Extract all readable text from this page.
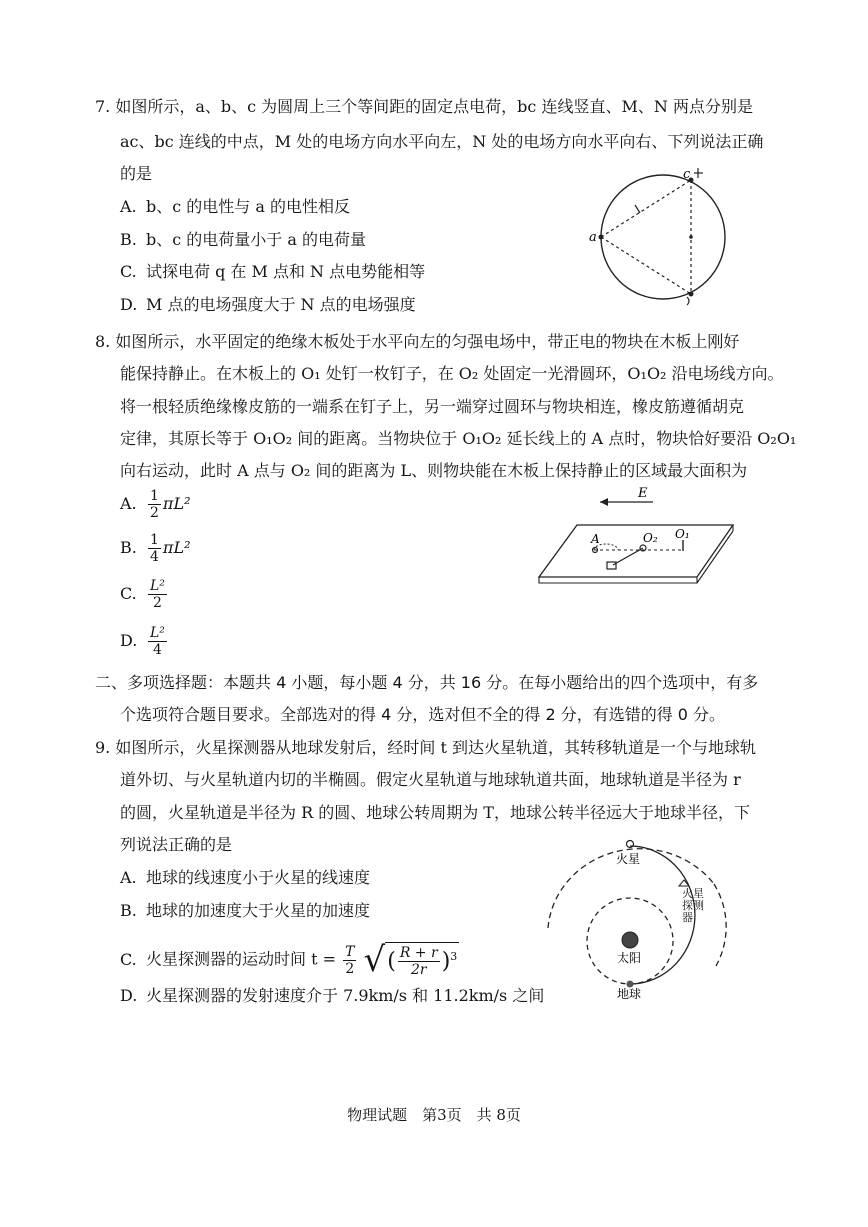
7. 如图所示，a、b、c 为圆周上三个等间距的固定点电荷，bc 连线竖直、M、N 两点分别是
ac、bc 连线的中点，M 处的电场方向水平向左，N 处的电场方向水平向右、下列说法正确
的是
A. b、c 的电性与 a 的电性相反
B. b、c 的电荷量小于 a 的电荷量
C. 试探电荷 q 在 M 点和 N 点电势能相等
D. M 点的电场强度大于 N 点的电场强度
a
c
8. 如图所示，水平固定的绝缘木板处于水平向左的匀强电场中，带正电的物块在木板上刚好
能保持静止。在木板上的 O₁ 处钉一枚钉子，在 O₂ 处固定一光滑圆环，O₁O₂ 沿电场线方向。
将一根轻质绝缘橡皮筋的一端系在钉子上，另一端穿过圆环与物块相连，橡皮筋遵循胡克
定律，其原长等于 O₁O₂ 间的距离。当物块位于 O₁O₂ 延长线上的 A 点时，物块恰好要沿 O₂O₁
向右运动，此时 A 点与 O₂ 间的距离为 L、则物块能在木板上保持静止的区域最大面积为
A. $\frac{1}{2} \pi L^2$
B. $\frac{1}{4} \pi L^2$
C. $\frac{\text{L²}}{2}$
D. $\frac{\text{L²}}{4}$
E
A	O₂ O₁
二、多项选择题：本题共 4 小题，每小题 4 分，共 16 分。在每小题给出的四个选项中，有多
个选项符合题目要求。全部选对的得 4 分，选对但不全的得 2 分，有选错的得 0 分。
9. 如图所示，火星探测器从地球发射后，经时间 t 到达火星轨道，其转移轨道是一个与地球轨
道外切、与火星轨道内切的半椭圆。假定火星轨道与地球轨道共面，地球轨道是半径为 r
的圆，火星轨道是半径为 R 的圆、地球公转周期为 T，地球公转半径远大于地球半径，下
列说法正确的是
A. 地球的线速度小于火星的线速度
B. 地球的加速度大于火星的加速度
C. 火星探测器的运动时间 $t = \frac{T}{2}$ √( $\frac{R + r}{2r} )^3$
D. 火星探测器的发射速度介于 7.9km/s 和 11.2km/s 之间
火星
太阳
地球
火星探测器
物理试题　第3页　共 8页
